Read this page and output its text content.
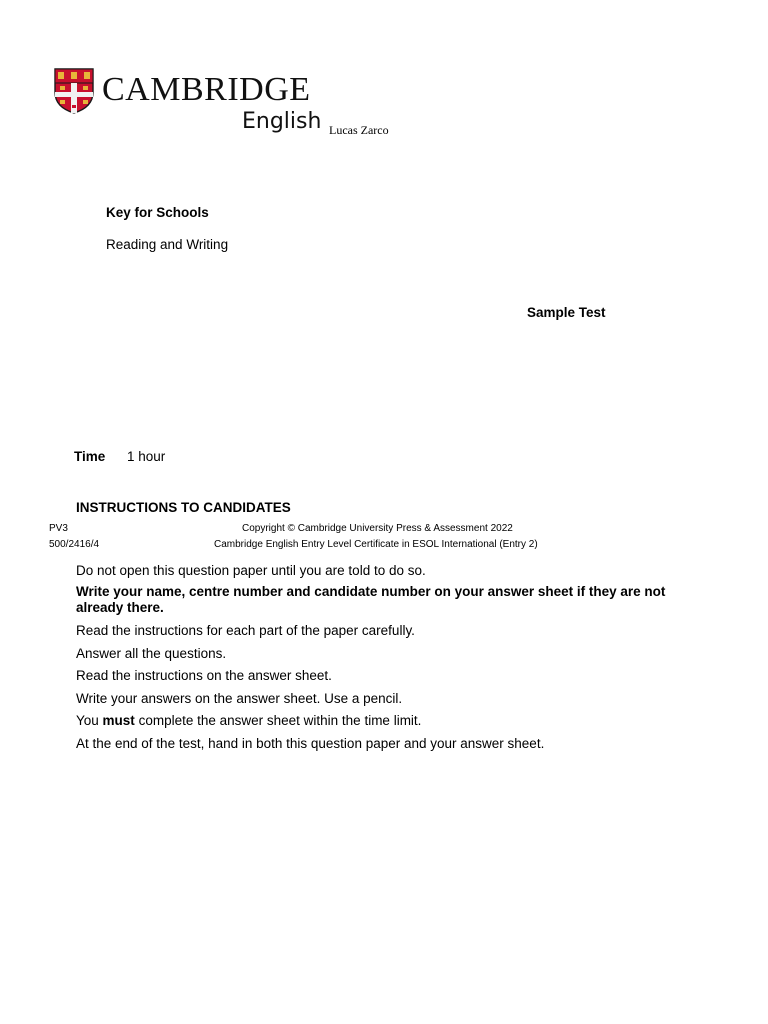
CAMBRIDGE
English Lucas Zarco
Key for Schools
Reading and Writing
Sample Test
Time 1 hour
INSTRUCTIONS TO CANDIDATES
PV3	Copyright © Cambridge University Press & Assessment 2022
500/2416/4	Cambridge English Entry Level Certificate in ESOL International (Entry 2)
Do not open this question paper until you are told to do so.
Write your name, centre number and candidate number on your answer sheet if they are not already there.
Read the instructions for each part of the paper carefully.
Answer all the questions.
Read the instructions on the answer sheet.
Write your answers on the answer sheet. Use a pencil.
You must complete the answer sheet within the time limit.
At the end of the test, hand in both this question paper and your answer sheet.
